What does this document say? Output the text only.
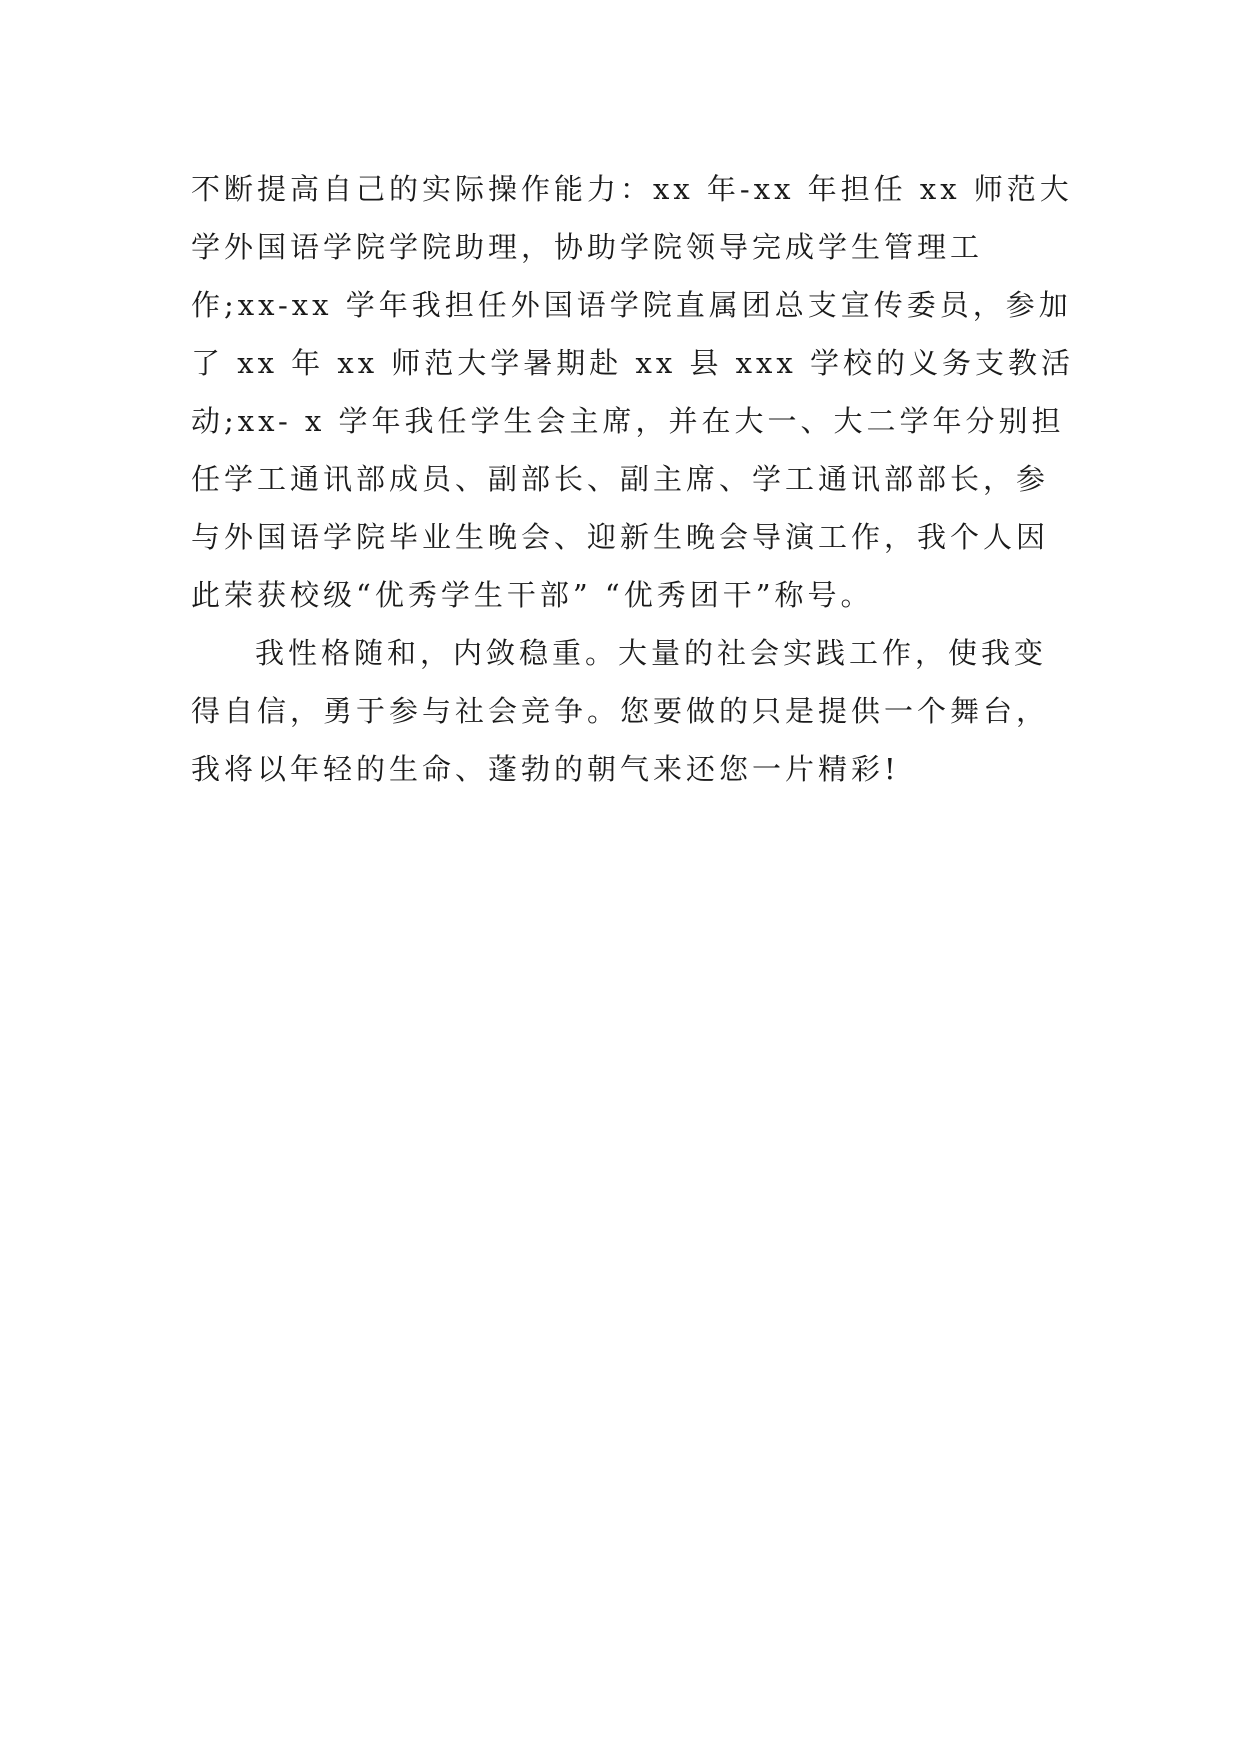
不断提高自己的实际操作能力：xx 年-xx 年担任 xx 师范大
学外国语学院学院助理，协助学院领导完成学生管理工
作;xx-xx 学年我担任外国语学院直属团总支宣传委员，参加
了 xx 年 xx 师范大学暑期赴 xx 县 xxx 学校的义务支教活
动;xx- x 学年我任学生会主席，并在大一、大二学年分别担
任学工通讯部成员、副部长、副主席、学工通讯部部长，参
与外国语学院毕业生晚会、迎新生晚会导演工作，我个人因
此荣获校级“优秀学生干部” “优秀团干”称号。
我性格随和，内敛稳重。大量的社会实践工作，使我变
得自信，勇于参与社会竞争。您要做的只是提供一个舞台，
我将以年轻的生命、蓬勃的朝气来还您一片精彩!
